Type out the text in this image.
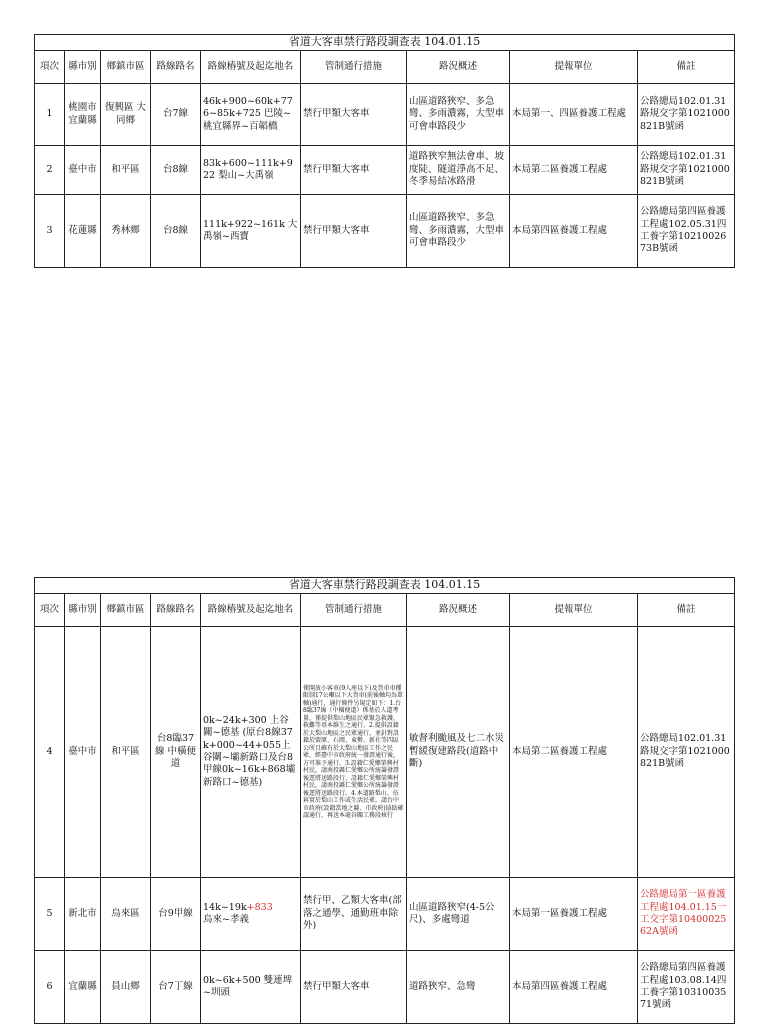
省道大客車禁行路段調查表 104.01.15								
項次	縣市別	鄉鎮市區	路線路名	路線樁號及起迄地名	管制通行措施	路況概述	提報單位	備註
1	桃園市 宜蘭縣	復興區 大同鄉	台7線	46k+900~60k+776~85k+725 巴陵~桃宜縣界~百韜橋	禁行甲類大客車	山區道路狹窄、多急彎、多雨濃霧，大型車可會車路段少	本局第一、四區養護工程處	公路總局102.01.31路規交字第1021000821B號函
2	臺中市	和平區	台8線	83k+600~111k+922 梨山~大禹嶺	禁行甲類大客車	道路狹窄無法會車、坡度陡、隧道淨高不足、冬季易結冰路滑	本局第二區養護工程處	公路總局102.01.31路規交字第1021000821B號函
3	花蓮縣	秀林鄉	台8線	111k+922~161k 大禹嶺~西寶	禁行甲類大客車	山區道路狹窄、多急彎、多雨濃霧，大型車可會車路段少	本局第四區養護工程處	公路總局第四區養護工程處102.05.31四工養字第1021002673B號函
省道大客車禁行路段調查表 104.01.15								
項次	縣市別	鄉鎮市區	路線路名	路線樁號及起迄地名	管制通行措施	路況概述	提報單位	備註
4	臺中市	和平區	台8臨37線 中橫便道	0k~24k+300 上谷關~德基 (原台8線37k+000~44+055上谷關~壩新路口及台8甲線0k~16k+868壩新路口~德基)	僅開放小客車(9人座以下)及貨車車種限制17公噸以下大貨車(前後軸均為單軸)通行，通行條件另規定如下：1.台8臨37線（中橫便道）係基於人道考量，僅提供梨山地區民眾緊急救護、救難等基本維生之通行。2.提供設籍於大梨山地區之民眾通行，並針對設籍於盟原、石岡、東勢、新社等四區公所且確有於大梨山地區工作之民眾，經臺中市政府統一發證通行後，方可准予通行。3.設籍仁愛鄉榮興村村民，請南投縣仁愛鄉公所統籌發證後逕將送路段行，設籍仁愛鄉榮興村村民，請南投縣仁愛鄉公所統籌發證後逕將送路段行。4.本道路梨山、伍嵙實於梨山工作或生活民眾，請台中市政府(設籍當地之縣、市政府)協助確認通行，再送本處谷關工務段核行	敏督利颱風及七二水災暫緩復建路段(道路中斷)	本局第二區養護工程處	公路總局102.01.31路規交字第1021000821B號函
5	新北市	烏來區	台9甲線	14k~19k+833
烏來~孝義	禁行甲、乙類大客車(部落之通學、通勤班車除外)	山區道路狹窄(4-5公尺)、多處彎道	本局第一區養護工程處	公路總局第一區養護工程處104.01.15一工交字第1040002562A號函
6	宜蘭縣	員山鄉	台7丁線	0k~6k+500 雙連埤~圳頭	禁行甲類大客車	道路狹窄、急彎	本局第四區養護工程處	公路總局第四區養護工程處103.08.14四工養字第1031003571號函
